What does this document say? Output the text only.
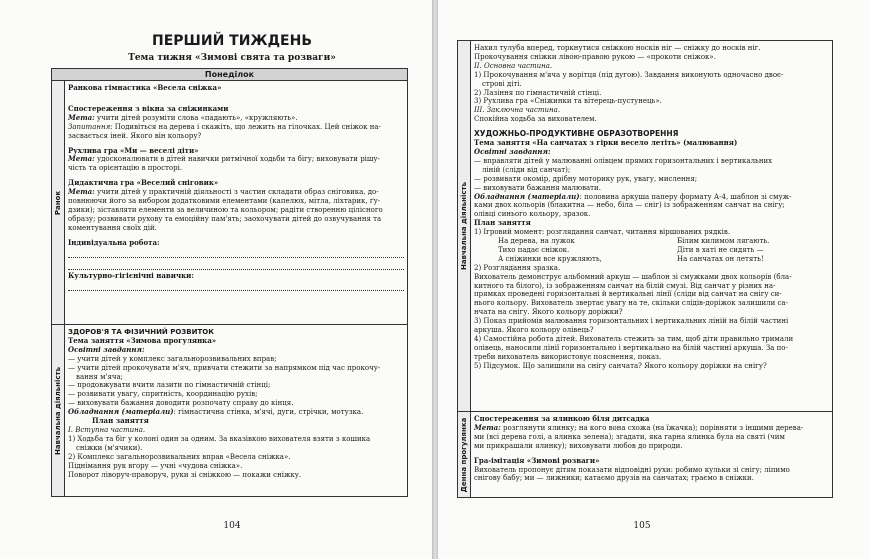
ПЕРШИЙ ТИЖДЕНЬ
Тема тижня «Зимові свята та розваги»
Понеділок
Ранок

Ранкова гімнастика «Весела сніжка»

Спостереження з вікна за сніжинками

Мета: учити дітей розуміти слова «падають», «кружляють».

Запитання: Подивіться на дерева і скажіть, що лежить на гілочках. Цей сніжок на-

засвається іней. Якого він кольору?

Рухлива гра «Ми — веселі діти»

Мета: удосконалювати в дітей навички ритмічної ходьби та бігу; виховувати рішу-

чість та орієнтацію в просторі.

Дидактична гра «Веселий сніговик»

Мета: учити дітей у практичній діяльності з частин складати образ сніговика, до-

повнюючи його за вибором додатковими елементами (капелюх, мітла, ліхтарик, ґу-

дзики); зіставляти елементи за величиною та кольором; радіти створенню цілісного

образу; розвивати рухову та емоційну пам'ять; заохочувати дітей до озвучування та

коментування своїх дій.

Індивідуальна робота:

Культурно-гігієнічні навички:

Навчальна діяльність

ЗДОРОВ'Я ТА ФІЗИЧНИЙ РОЗВИТОК

Тема заняття «Зимова прогулянка»

Освітні завдання:

— учити дітей у комплекс загальнорозвивальних вправ;

— учити дітей прокочувати м'яч, привчати стежити за напрямком під час прокочу-

вання м'яча;

— продовжувати вчити лазити по гімнастичній стінці;

— розвивати увагу, спритність, координацію рухів;

— виховувати бажання доводити розпочату справу до кінця.

Обладнання (матеріали): гімнастична стінка, м'ячі, дуги, стрічки, мотузка.

План заняття

І. Вступна частина.

1) Ходьба та біг у колоні один за одним. За вказівкою вихователя взяти з кошика

сніжки (м'ячики).

2) Комплекс загальнорозвивальних вправ «Весела сніжка».

Піднімання рук вгору — учні «чудова сніжка».

Поворот ліворуч-праворуч, руки зі сніжкою — покажи сніжку.

104
Навчальна діяльність

Нахил тулуба вперед, торкнутися сніжкою носків ніг — сніжку до носків ніг.

Прокочування сніжки лівою-правою рукою — «прокоти сніжок».

ІІ. Основна частина.

1) Прокочування м'яча у ворітця (під дугою). Завдання виконують одночасно двоє-

строві діті.

2) Лазіння по гімнастичній стінці.

3) Рухлива гра «Сніжинки та вітерець-пустунець».

ІІІ. Заключна частина.

Спокійна ходьба за вихователем.

ХУДОЖНЬО-ПРОДУКТИВНЕ ОБРАЗОТВОРЕННЯ

Тема заняття «На санчатах з гірки весело летіть» (малювання)

Освітні завдання:

— вправляти дітей у малюванні олівцем прямих горизонтальних і вертикальних

ліній (сліди від санчат);

— розвивати окомір, дрібну моторику рук, увагу, мислення;

— виховувати бажання малювати.

Обладнання (матеріали): половина аркуша паперу формату А-4, шаблон зі смуж-

ками двох кольорів (блакитна — небо, біла — сніг) із зображенням санчат на снігу;

олівці синього кольору, зразок.

План заняття

1) Ігровий момент: розглядання санчат, читання віршованих рядків.

На дерева, на лужок	Білим килимом лягають.
Тихо падає сніжок.	Діти в хаті не сидять —
А сніжинки все кружляють,	На санчатах он летять!

2) Розглядання зразка.

Вихователь демонструє альбомний аркуш — шаблон зі смужками двох кольорів (бла-

китного та білого), із зображенням санчат на білій смузі. Від санчат у різних на-

прямках проведені горизонтальні й вертикальні лінії (сліди від санчат на снігу си-

нього кольору. Вихователь звертає увагу на те, скільки слідів-доріжок залишили са-

нчата на снігу. Якого кольору доріжки?

3) Показ прийомів малювання горизонтальних і вертикальних ліній на білій частині

аркуша. Якого кольору олівець?

4) Самостійна робота дітей. Вихователь стежить за тим, щоб діти правильно тримали

олівець, наносили лінії горизонтально і вертикально на білій частині аркуша. За по-

треби вихователь використовує пояснення, показ.

5) Підсумок. Що залишили на снігу санчата? Якого кольору доріжки на снігу?

Денна прогулянка Спостереження за ялинкою біля дитсадка

Мета: розглянути ялинку; на кого вона схожа (на їжачка); порівняти з іншими дерева-

ми (всі дерева голі, а ялинка зелена); згадати, яка гарна ялинка була на святі (чим

ми прикрашали ялинку); виховувати любов до природи.

Гра-імітація «Зимові розваги»

Вихователь пропонує дітям показати відповідні рухи: робимо кульки зі снігу; ліпимо

снігову бабу; ми — лижники; катаємо друзів на санчатах; граємо в сніжки.

105
